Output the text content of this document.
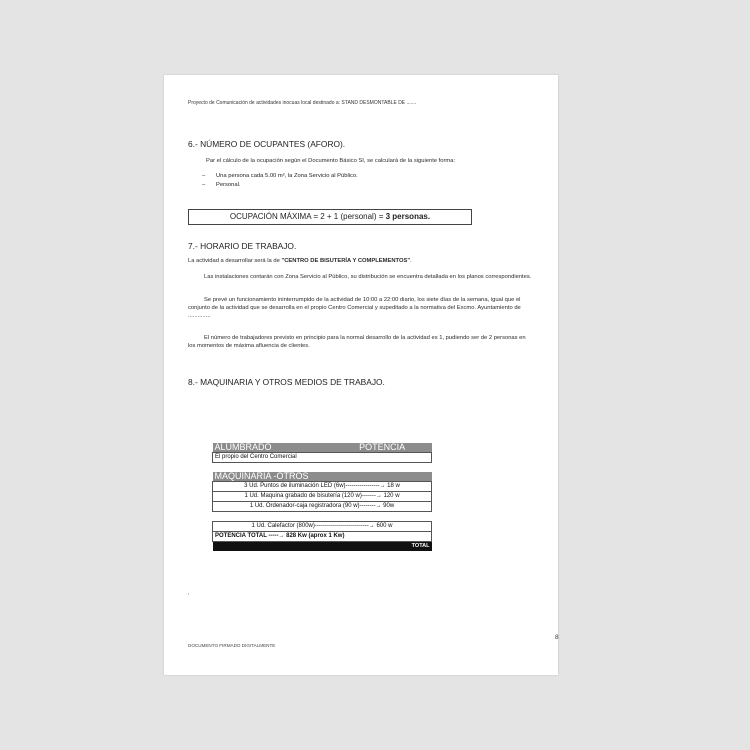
Proyecto de Comunicación de actividades inocuas local destinado a: STAND DESMONTABLE DE .......
6.- NÚMERO DE OCUPANTES (AFORO).
Par el cálculo de la ocupación según el Documento Básico SI, se calculará de la siguiente forma:
– Una persona cada 5.00 m², la Zona Servicio al Público.
– Personal.
OCUPACIÓN MÁXIMA = 2 + 1 (personal) = 3 personas.
7.- HORARIO DE TRABAJO.
La actividad a desarrollar será la de "CENTRO DE BISUTERÍA Y COMPLEMENTOS".
Las instalaciones contarán con Zona Servicio al Público, su distribución se encuentra detallada en los planos correspondientes.
Se prevé un funcionamiento ininterrumpido de la actividad de 10:00 a 22:00 diario, los siete días de la semana, igual que el conjunto de la actividad que se desarrolla en el propio Centro Comercial y supeditado a la normativa del Excmo. Ayuntamiento de ..............
El número de trabajadores previsto en principio para la normal desarrollo de la actividad es 1, pudiendo ser de 2 personas en los momentos de máxima afluencia de clientes.
8.- MAQUINARIA Y OTROS MEDIOS DE TRABAJO.
ALUMBRADO	POTENCIA
El propio del Centro Comercial

MAQUINARIA -OTROS
3 Ud. Puntos de iluminación LED (6w)-----------------→ 18 w
1 Ud. Maquina grabado de bisutería (120 w)-------→ 120 w
1 Ud. Ordenador-caja registradora (90 w)--------→ 90w

1 Ud. Calefactor (800w)---------------------------→ 600 w
POTENCIA TOTAL -----→ 828 Kw (aprox 1 Kw)
TOTAL
,
8
DOCUMENTO FIRMADO DIGITALMENTE
